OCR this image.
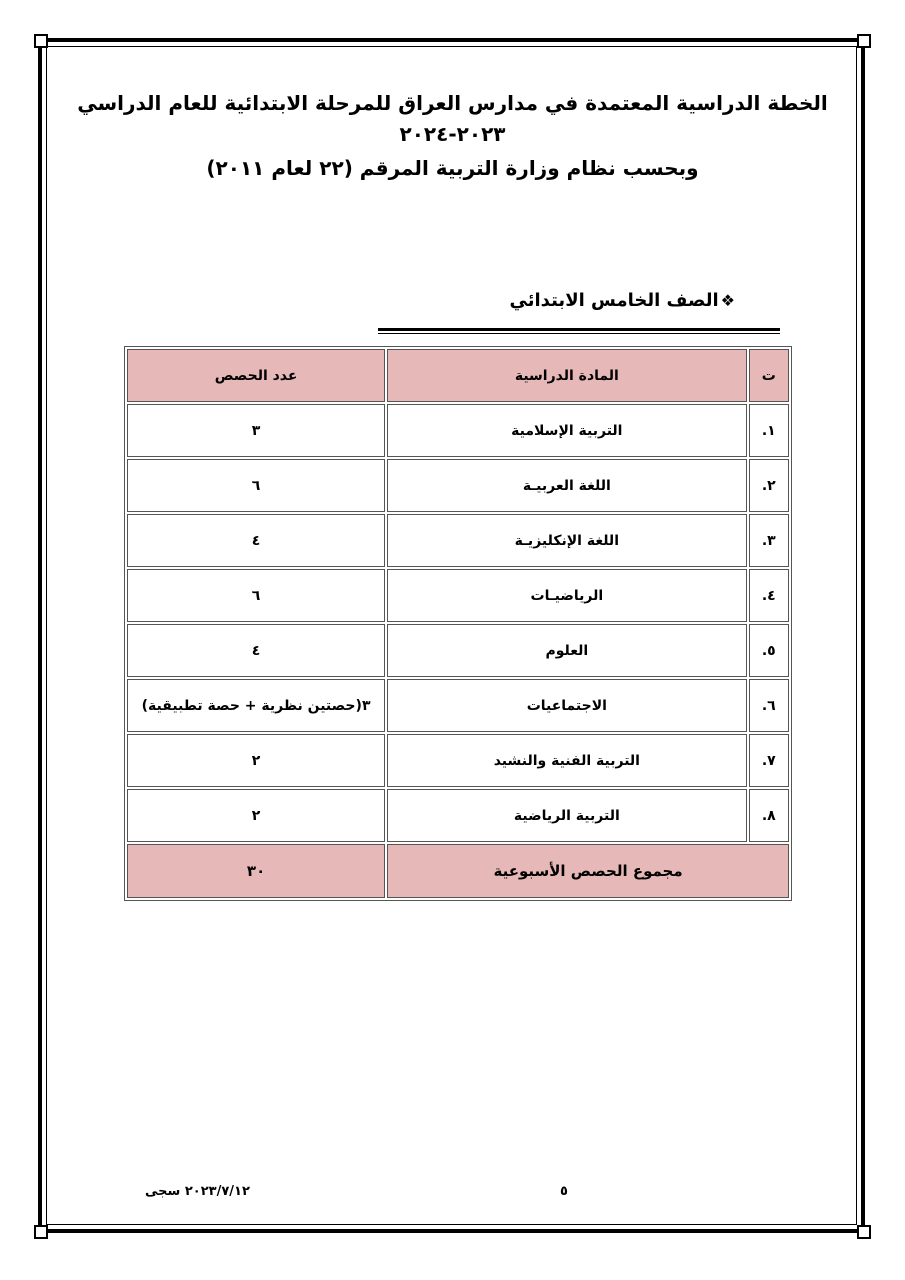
الخطة الدراسية المعتمدة في مدارس العراق للمرحلة الابتدائية للعام الدراسي
٢٠٢٣-٢٠٢٤
وبحسب نظام وزارة التربية المرقم (٢٢ لعام ٢٠١١)
❖
الصف الخامس الابتدائي
ت	المادة الدراسية	عدد الحصص
١.	التربية الإسلامية	٣
٢.	اللغة العربيـة	٦
٣.	اللغة الإنكليزيـة	٤
٤.	الرياضيـات	٦
٥.	العلوم	٤
٦.	الاجتماعيات	٣(حصتين نظرية + حصة تطبيقية)
٧.	التربية الفنية والنشيد	٢
٨.	التربية الرياضية	٢
مجموع الحصص الأسبوعية		٣٠
٥
٢٠٢٣/٧/١٢ سجى
